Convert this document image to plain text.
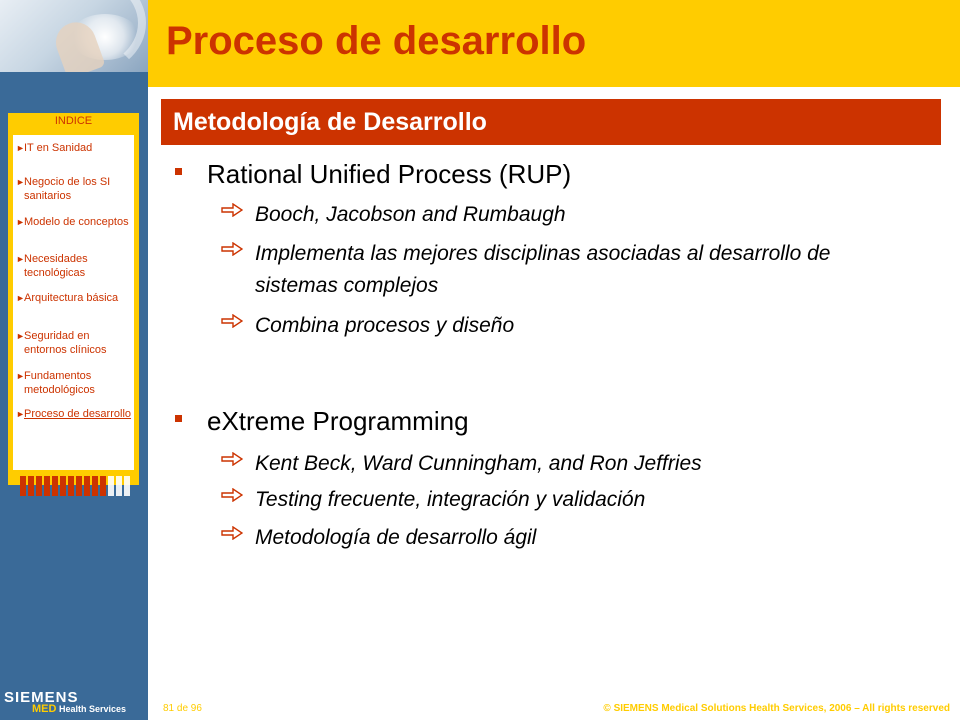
Proceso de desarrollo
Metodología de Desarrollo
INDICE
► IT en Sanidad
► Negocio de los SI sanitarios
► Modelo de conceptos
► Necesidades tecnológicas
► Arquitectura básica
► Seguridad en entornos clínicos
► Fundamentos metodológicos
► Proceso de desarrollo
Rational Unified Process (RUP)
Booch, Jacobson and Rumbaugh
Implementa las mejores disciplinas asociadas al desarrollo de sistemas complejos
Combina procesos y diseño
eXtreme Programming
Kent Beck, Ward Cunningham, and Ron Jeffries
Testing frecuente, integración y validación
Metodología de desarrollo ágil
SIEMENS
MED Health Services	81 de 96	© SIEMENS Medical Solutions Health Services, 2006 – All rights reserved
